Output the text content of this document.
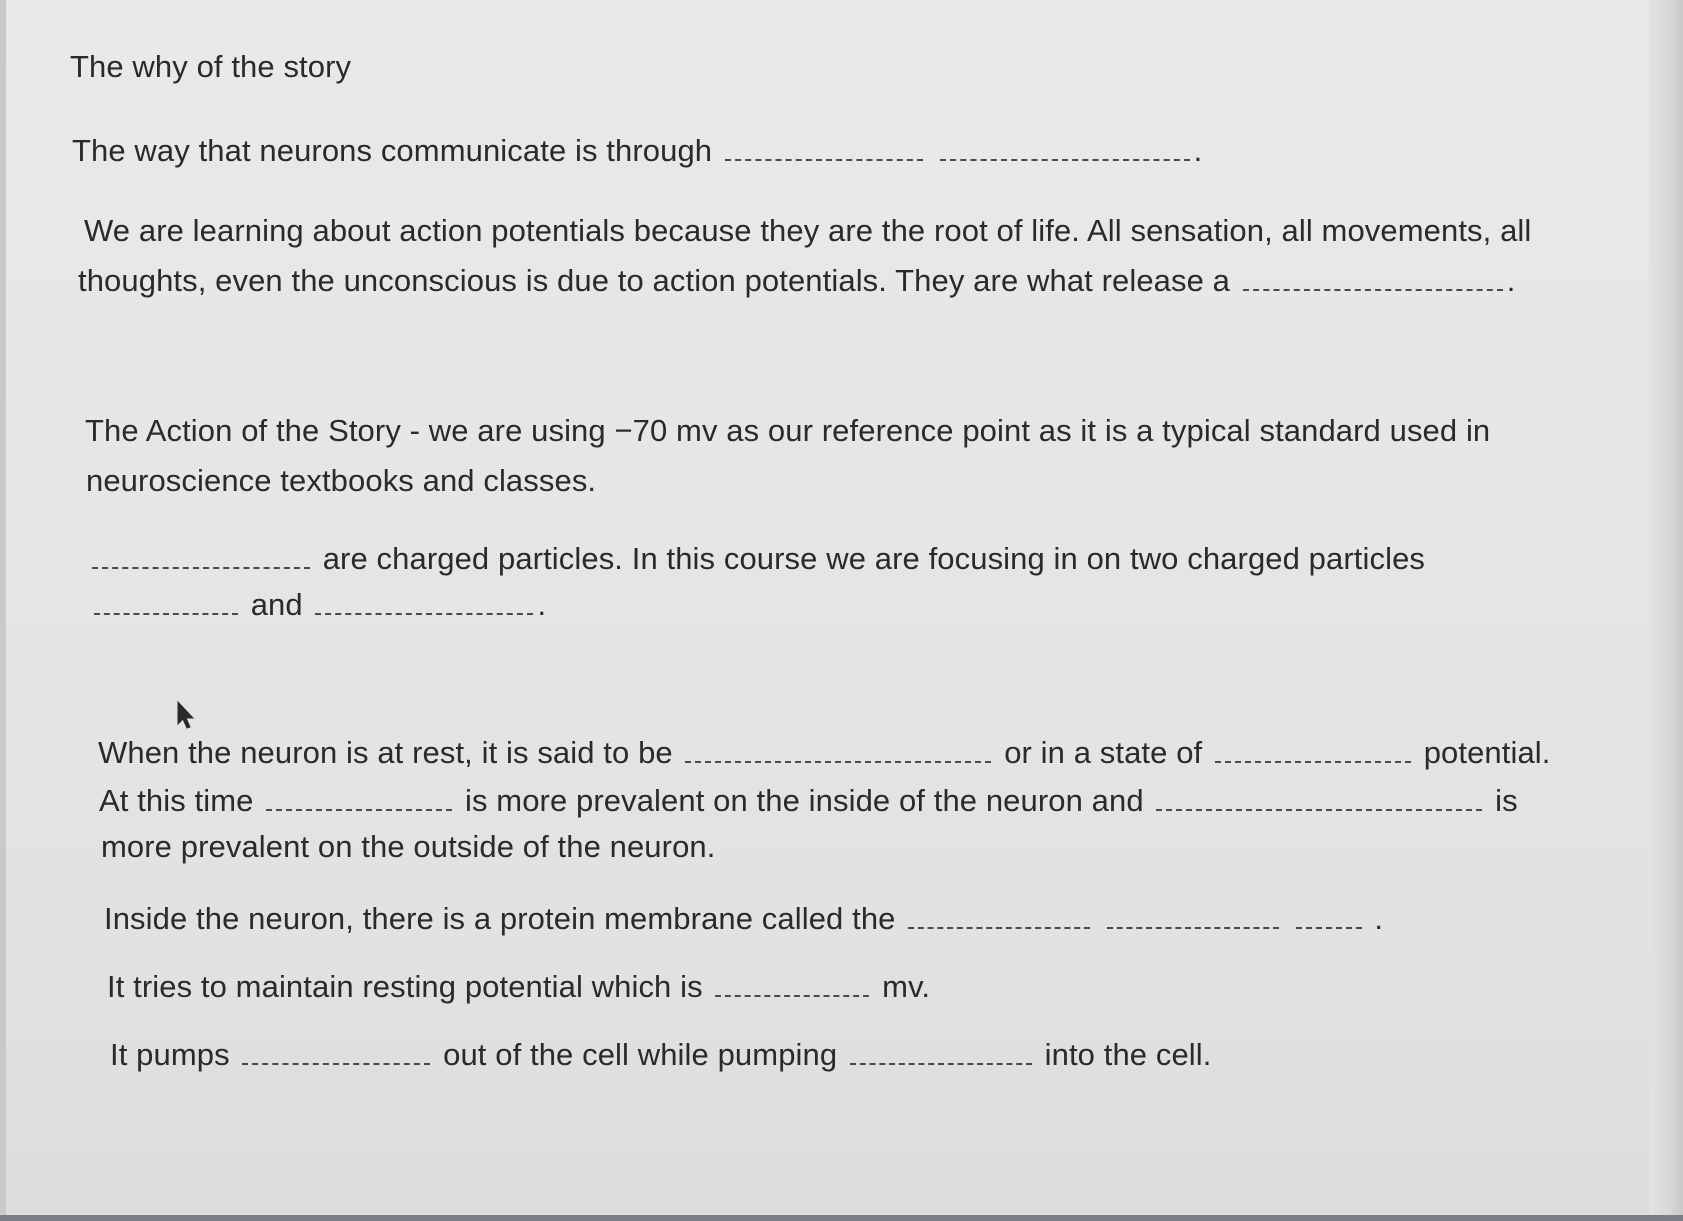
The why of the story
The way that neurons communicate is through	.
We are learning about action potentials because they are the root of life. All sensation, all movements, all
thoughts, even the unconscious is due to action potentials. They are what release a	.
The Action of the Story - we are using −70 mv as our reference point as it is a typical standard used in
neuroscience textbooks and classes.
are charged particles. In this course we are focusing in on two charged particles
and	.
When the neuron is at rest, it is said to be	or in a state of	potential.
At this time	is more prevalent on the inside of the neuron and	is
more prevalent on the outside of the neuron.
Inside the neuron, there is a protein membrane called the	.
It tries to maintain resting potential which is	mv.
It pumps	out of the cell while pumping	into the cell.
